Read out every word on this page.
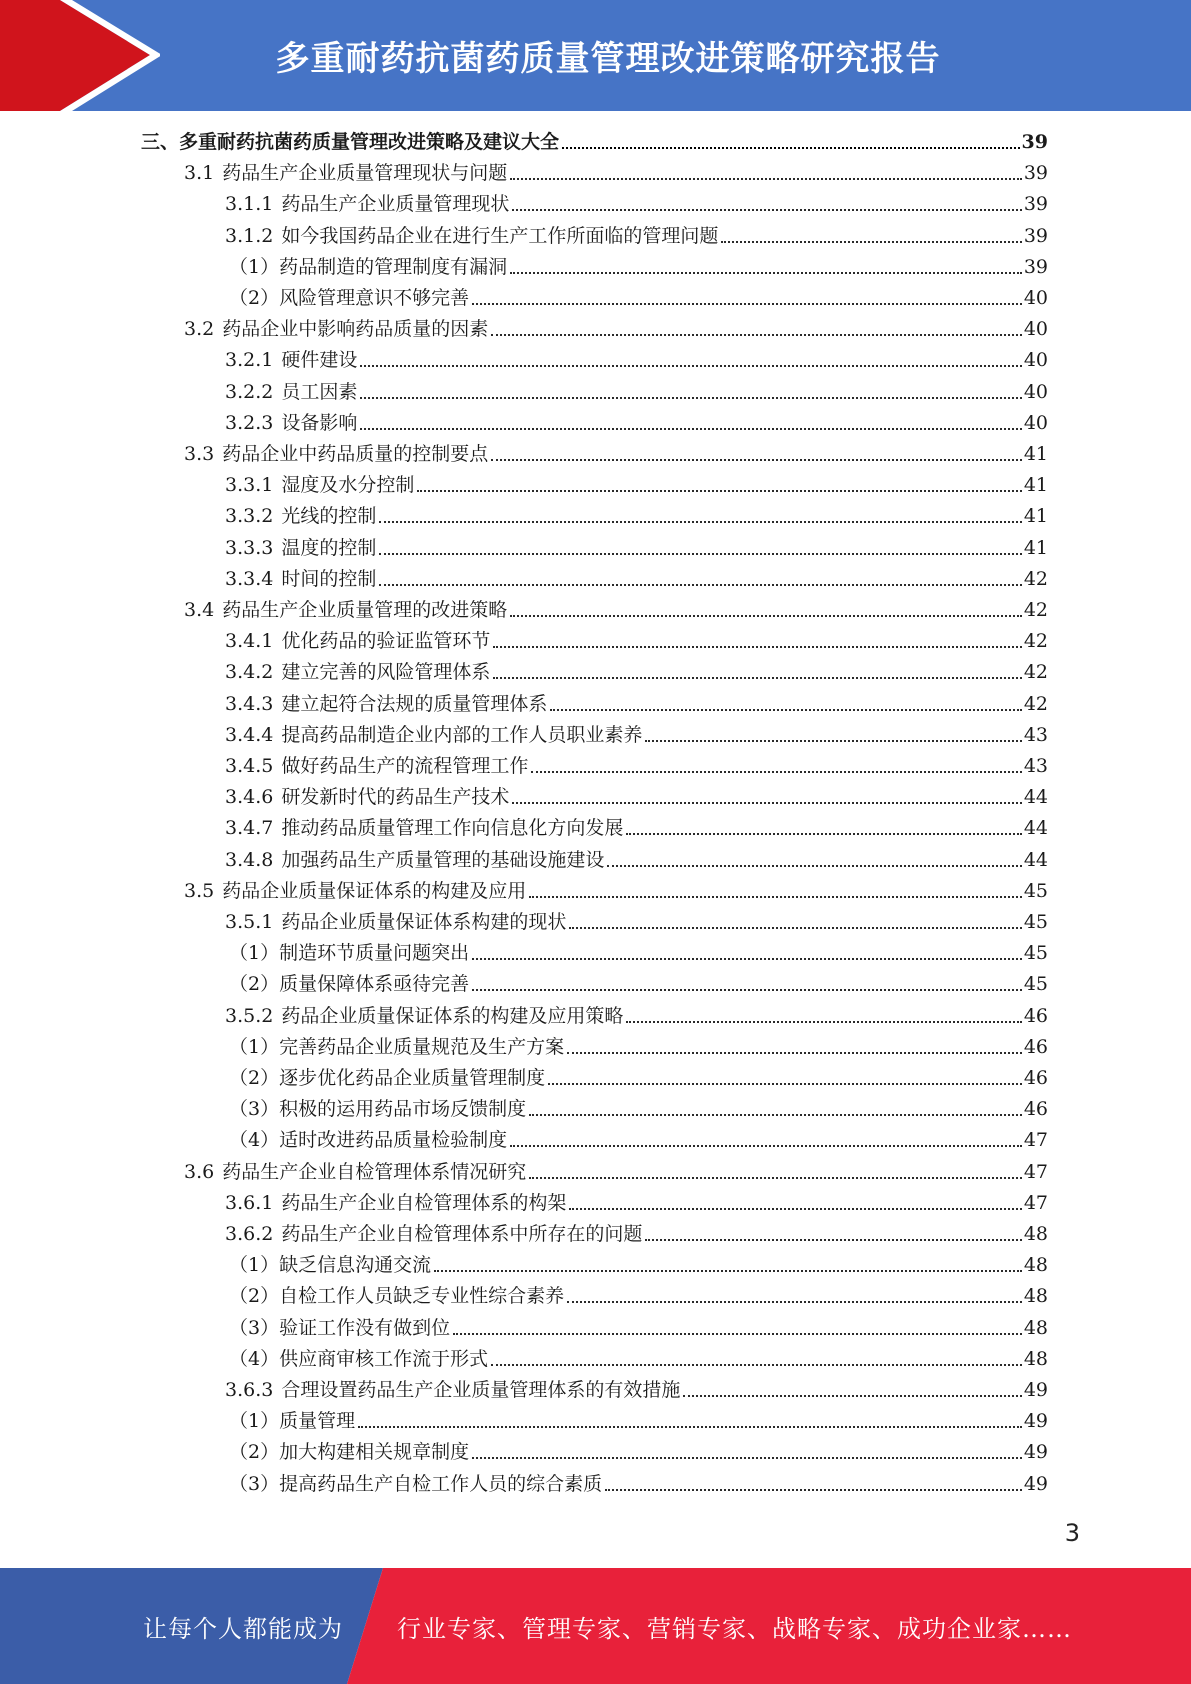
多重耐药抗菌药质量管理改进策略研究报告
三、多重耐药抗菌药质量管理改进策略及建议大全	39
3.1 药品生产企业质量管理现状与问题	39
3.1.1 药品生产企业质量管理现状	39
3.1.2 如今我国药品企业在进行生产工作所面临的管理问题	39
（1）药品制造的管理制度有漏洞	39
（2）风险管理意识不够完善	40
3.2 药品企业中影响药品质量的因素	40
3.2.1 硬件建设	40
3.2.2 员工因素	40
3.2.3 设备影响	40
3.3 药品企业中药品质量的控制要点	41
3.3.1 湿度及水分控制	41
3.3.2 光线的控制	41
3.3.3 温度的控制	41
3.3.4 时间的控制	42
3.4 药品生产企业质量管理的改进策略	42
3.4.1 优化药品的验证监管环节	42
3.4.2 建立完善的风险管理体系	42
3.4.3 建立起符合法规的质量管理体系	42
3.4.4 提高药品制造企业内部的工作人员职业素养	43
3.4.5 做好药品生产的流程管理工作	43
3.4.6 研发新时代的药品生产技术	44
3.4.7 推动药品质量管理工作向信息化方向发展	44
3.4.8 加强药品生产质量管理的基础设施建设	44
3.5 药品企业质量保证体系的构建及应用	45
3.5.1 药品企业质量保证体系构建的现状	45
（1）制造环节质量问题突出	45
（2）质量保障体系亟待完善	45
3.5.2 药品企业质量保证体系的构建及应用策略	46
（1）完善药品企业质量规范及生产方案	46
（2）逐步优化药品企业质量管理制度	46
（3）积极的运用药品市场反馈制度	46
（4）适时改进药品质量检验制度	47
3.6 药品生产企业自检管理体系情况研究	47
3.6.1 药品生产企业自检管理体系的构架	47
3.6.2 药品生产企业自检管理体系中所存在的问题	48
（1）缺乏信息沟通交流	48
（2）自检工作人员缺乏专业性综合素养	48
（3）验证工作没有做到位	48
（4）供应商审核工作流于形式	48
3.6.3 合理设置药品生产企业质量管理体系的有效措施	49
（1）质量管理	49
（2）加大构建相关规章制度	49
（3）提高药品生产自检工作人员的综合素质	49
3
让每个人都能成为 行业专家、管理专家、营销专家、战略专家、成功企业家……
